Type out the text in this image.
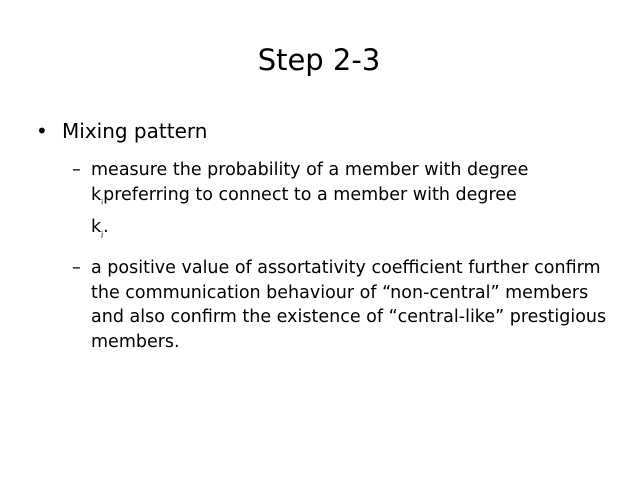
Step 2-3
• Mixing pattern
– measure the probability of a member with degree
$k_ipreferring$ to connect to a member with degree
$k_j$.
– a positive value of assortativity coefficient further confirm the communication behaviour of “non-central” members and also confirm the existence of “central-like” prestigious members.
